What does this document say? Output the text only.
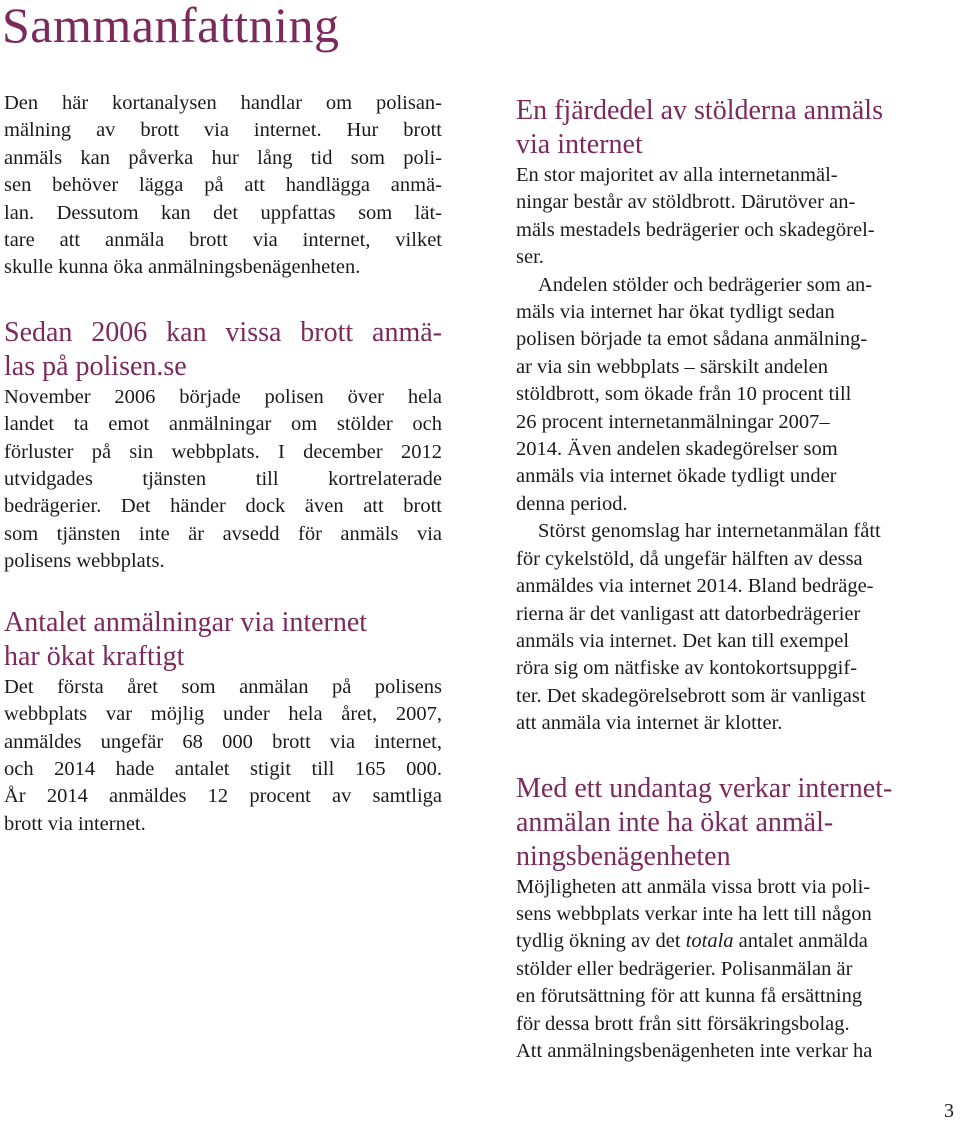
Sammanfattning

Den här kortanalysen handlar om polisan-
mälning av brott via internet. Hur brott
anmäls kan påverka hur lång tid som poli-
sen behöver lägga på att handlägga anmä-
lan. Dessutom kan det uppfattas som lät-
tare att anmäla brott via internet, vilket
skulle kunna öka anmälningsbenägenheten.

Sedan 2006 kan vissa brott anmä-
las på polisen.se

November 2006 började polisen över hela
landet ta emot anmälningar om stölder och
förluster på sin webbplats. I december 2012
utvidgades tjänsten till kortrelaterade
bedrägerier. Det händer dock även att brott
som tjänsten inte är avsedd för anmäls via
polisens webbplats.

Antalet anmälningar via internet
har ökat kraftigt

Det första året som anmälan på polisens
webbplats var möjlig under hela året, 2007,
anmäldes ungefär 68 000 brott via internet,
och 2014 hade antalet stigit till 165 000.
År 2014 anmäldes 12 procent av samtliga
brott via internet.

En fjärdedel av stölderna anmäls
via internet

En stor majoritet av alla internetanmäl-
ningar består av stöldbrott. Därutöver an-
mäls mestadels bedrägerier och skadegörel-
ser.

Andelen stölder och bedrägerier som an-
mäls via internet har ökat tydligt sedan
polisen började ta emot sådana anmälning-
ar via sin webbplats – särskilt andelen
stöldbrott, som ökade från 10 procent till
26 procent internetanmälningar 2007–
2014. Även andelen skadegörelser som
anmäls via internet ökade tydligt under
denna period.

Störst genomslag har internetanmälan fått
för cykelstöld, då ungefär hälften av dessa
anmäldes via internet 2014. Bland bedräge-
rierna är det vanligast att datorbedrägerier
anmäls via internet. Det kan till exempel
röra sig om nätfiske av kontokortsuppgif-
ter. Det skadegörelsebrott som är vanligast
att anmäla via internet är klotter.

Med ett undantag verkar internet-
anmälan inte ha ökat anmäl-
ningsbenägenheten

Möjligheten att anmäla vissa brott via poli-
sens webbplats verkar inte ha lett till någon
tydlig ökning av det totala antalet anmälda
stölder eller bedrägerier. Polisanmälan är
en förutsättning för att kunna få ersättning
för dessa brott från sitt försäkringsbolag.
Att anmälningsbenägenheten inte verkar ha

3
